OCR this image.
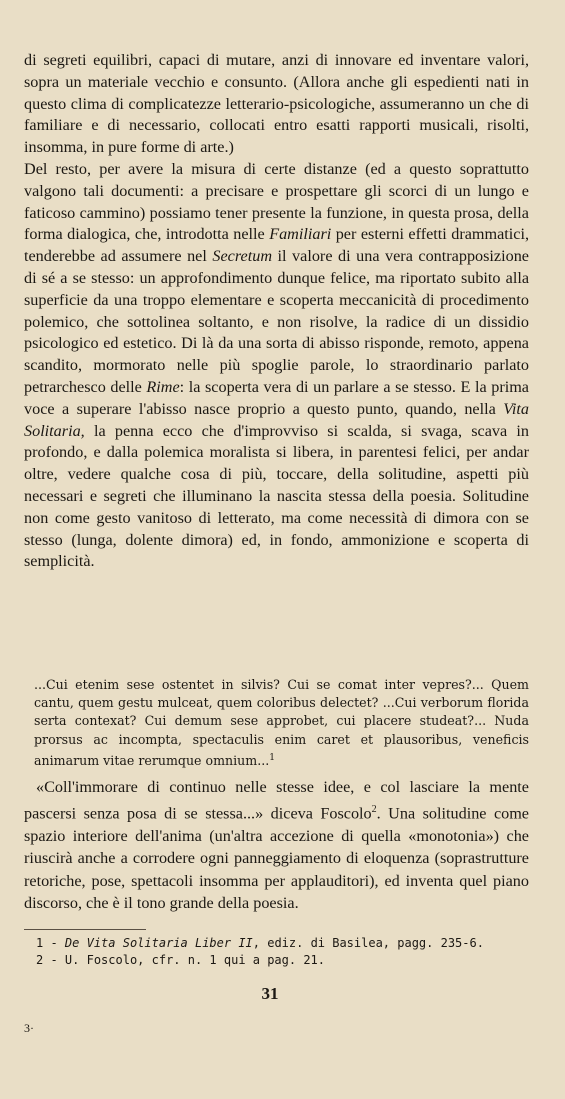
di segreti equilibri, capaci di mutare, anzi di innovare ed inventare valori, sopra un materiale vecchio e consunto. (Allora anche gli espedienti nati in questo clima di complicatezze letterario-psicologiche, assumeranno un che di familiare e di necessario, collocati entro esatti rapporti musicali, risolti, insomma, in pure forme di arte.)

Del resto, per avere la misura di certe distanze (ed a questo soprattutto valgono tali documenti: a precisare e prospettare gli scorci di un lungo e faticoso cammino) possiamo tener presente la funzione, in questa prosa, della forma dialogica, che, introdotta nelle Familiari per esterni effetti drammatici, tenderebbe ad assumere nel Secretum il valore di una vera contrapposizione di sé a se stesso: un approfondimento dunque felice, ma riportato subito alla superficie da una troppo elementare e scoperta meccanicità di procedimento polemico, che sottolinea soltanto, e non risolve, la radice di un dissidio psicologico ed estetico. Di là da una sorta di abisso risponde, remoto, appena scandito, mormorato nelle più spoglie parole, lo straordinario parlato petrarchesco delle Rime: la scoperta vera di un parlare a se stesso. E la prima voce a superare l'abisso nasce proprio a questo punto, quando, nella Vita Solitaria, la penna ecco che d'improvviso si scalda, si svaga, scava in profondo, e dalla polemica moralista si libera, in parentesi felici, per andar oltre, vedere qualche cosa di più, toccare, della solitudine, aspetti più necessari e segreti che illuminano la nascita stessa della poesia. Solitudine non come gesto vanitoso di letterato, ma come necessità di dimora con se stesso (lunga, dolente dimora) ed, in fondo, ammonizione e scoperta di semplicità.

...Cui etenim sese ostentet in silvis? Cui se comat inter vepres?... Quem cantu, quem gestu mulceat, quem coloribus delectet? ...Cui verborum florida serta contexat? Cui demum sese approbet, cui placere studeat?... Nuda prorsus ac incompta, spectaculis enim caret et plausoribus, veneficis animarum vitae rerumque omnium...$^1$

«Coll'immorare di continuo nelle stesse idee, e col lasciare la mente pascersi senza posa di se stessa...» diceva Foscolo$^2$. Una solitudine come spazio interiore dell'anima (un'altra accezione di quella «monotonia») che riuscirà anche a corrodere ogni panneggiamento di eloquenza (soprastrutture retoriche, pose, spettacoli insomma per applauditori), ed inventa quel piano discorso, che è il tono grande della poesia.

1 - De Vita Solitaria Liber II, ediz. di Basilea, pagg. 235-6.
2 - U. Foscolo, cfr. n. 1 qui a pag. 21.
31
3·
